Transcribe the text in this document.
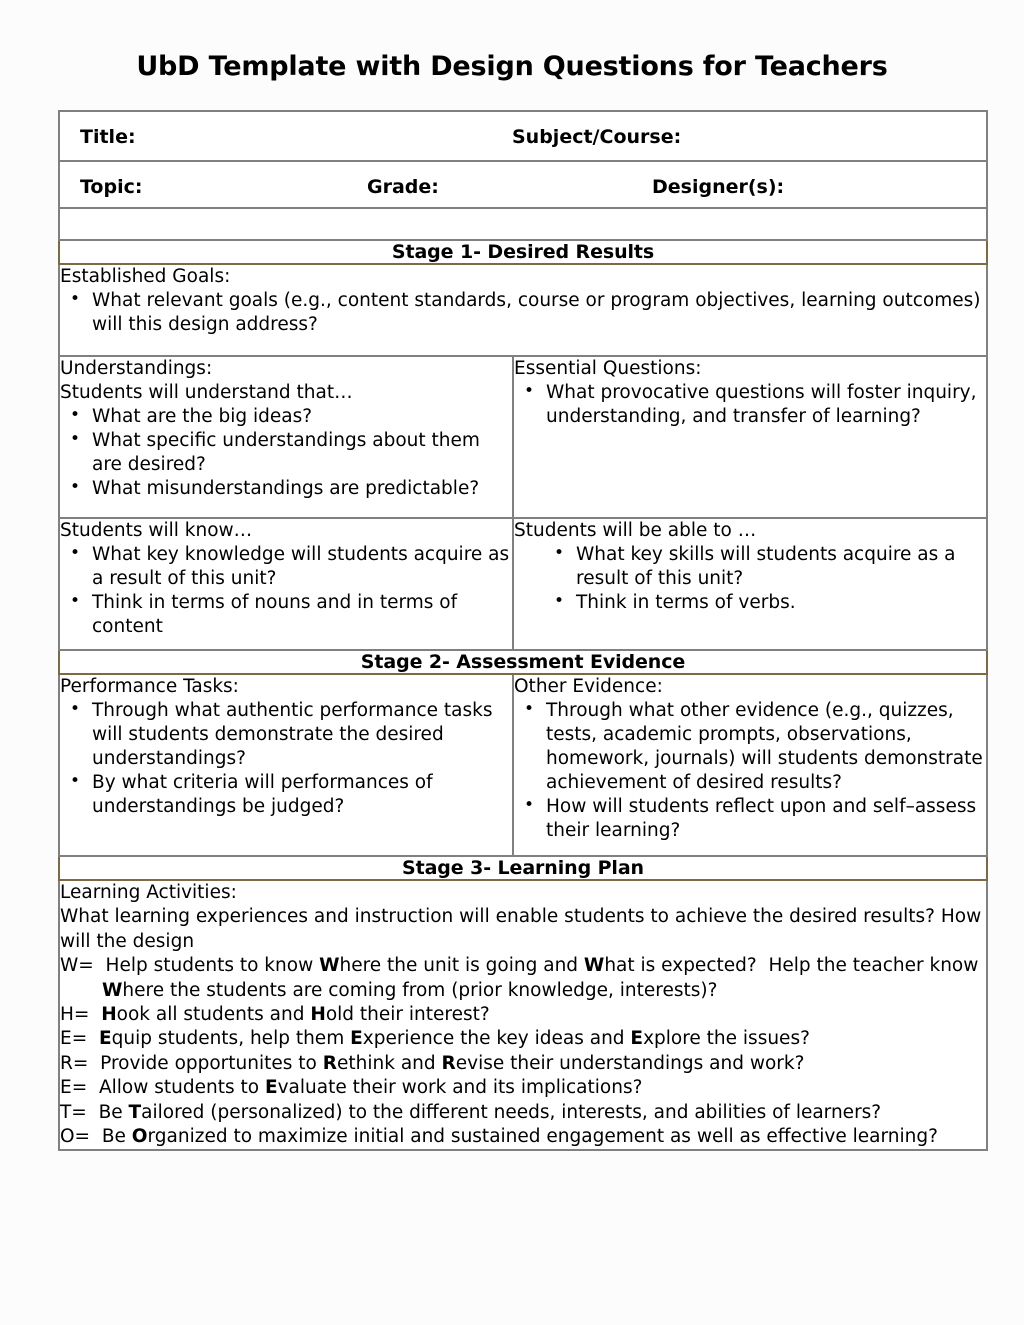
UbD Template with Design Questions for Teachers
Title: Subject/Course:	

Topic: Grade: Designer(s):	

Stage 1- Desired Results	

Established Goals:

• What relevant goals (e.g., content standards, course or program objectives, learning outcomes) will this design address?

Understandings:

Students will understand that…

• What are the big ideas?
• What specific understandings about them are desired?
• What misunderstandings are predictable?

Essential Questions:

• What provocative questions will foster inquiry, understanding, and transfer of learning?

Students will know…

• What key knowledge will students acquire as a result of this unit?
• Think in terms of nouns and in terms of content

Students will be able to …

• What key skills will students acquire as a result of this unit?
• Think in terms of verbs.

Stage 2- Assessment Evidence	

Performance Tasks:

• Through what authentic performance tasks will students demonstrate the desired understandings?
• By what criteria will performances of understandings be judged?

Other Evidence:

• Through what other evidence (e.g., quizzes, tests, academic prompts, observations, homework, journals) will students demonstrate achievement of desired results?
• How will students reflect upon and self–assess their learning?

Stage 3- Learning Plan	

Learning Activities:

What learning experiences and instruction will enable students to achieve the desired results? How will the design

W=  Help students to know Where the unit is going and What is expected?  Help the teacher know

Where the students are coming from (prior knowledge, interests)?

H= Hook all students and Hold their interest?

E= Equip students, help them Experience the key ideas and Explore the issues?

R=  Provide opportunites to Rethink and Revise their understandings and work?

E=  Allow students to Evaluate their work and its implications?

T=  Be Tailored (personalized) to the different needs, interests, and abilities of learners?

O=  Be Organized to maximize initial and sustained engagement as well as effective learning?
